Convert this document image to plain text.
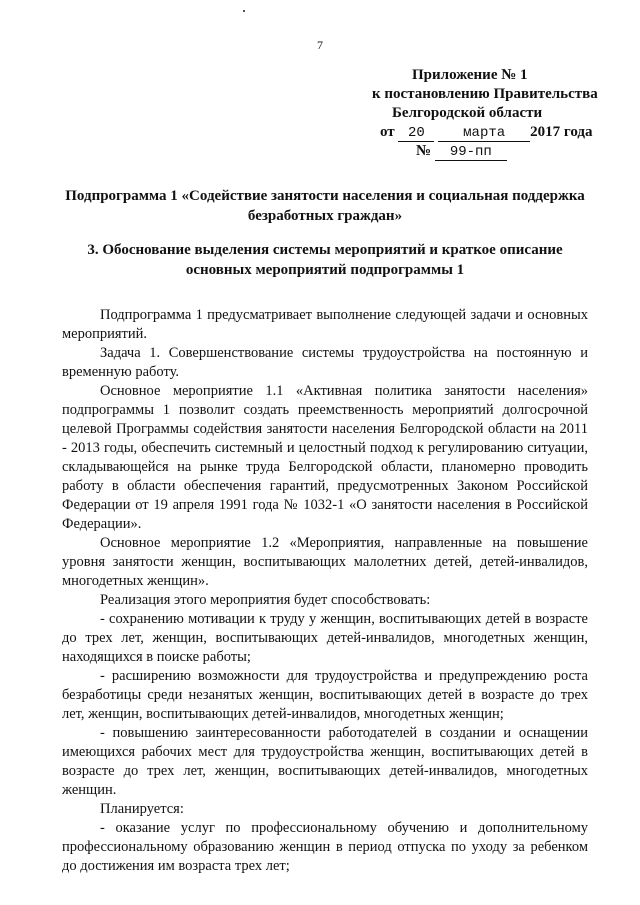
7
Приложение № 1
к постановлению Правительства
Белгородской области
от 20	марта 2017 года
№ 99-пп
Подпрограмма 1 «Содействие занятости населения и социальная поддержка безработных граждан»
3. Обоснование выделения системы мероприятий и краткое описание основных мероприятий подпрограммы 1

Подпрограмма 1 предусматривает выполнение следующей задачи и основных мероприятий.

Задача 1. Совершенствование системы трудоустройства на постоянную и временную работу.

Основное мероприятие 1.1 «Активная политика занятости населения» подпрограммы 1 позволит создать преемственность мероприятий долгосрочной целевой Программы содействия занятости населения Белгородской области на 2011 - 2013 годы, обеспечить системный и целостный подход к регулированию ситуации, складывающейся на рынке труда Белгородской области, планомерно проводить работу в области обеспечения гарантий, предусмотренных Законом Российской Федерации от 19 апреля 1991 года № 1032-1 «О занятости населения в Российской Федерации».

Основное мероприятие 1.2 «Мероприятия, направленные на повышение уровня занятости женщин, воспитывающих малолетних детей, детей-инвалидов, многодетных женщин».

Реализация этого мероприятия будет способствовать:

- сохранению мотивации к труду у женщин, воспитывающих детей в возрасте до трех лет, женщин, воспитывающих детей-инвалидов, многодетных женщин, находящихся в поиске работы;

- расширению возможности для трудоустройства и предупреждению роста безработицы среди незанятых женщин, воспитывающих детей в возрасте до трех лет, женщин, воспитывающих детей-инвалидов, многодетных женщин;

- повышению заинтересованности работодателей в создании и оснащении имеющихся рабочих мест для трудоустройства женщин, воспитывающих детей в возрасте до трех лет, женщин, воспитывающих детей-инвалидов, многодетных женщин.

Планируется:

- оказание услуг по профессиональному обучению и дополнительному профессиональному образованию женщин в период отпуска по уходу за ребенком до достижения им возраста трех лет;
